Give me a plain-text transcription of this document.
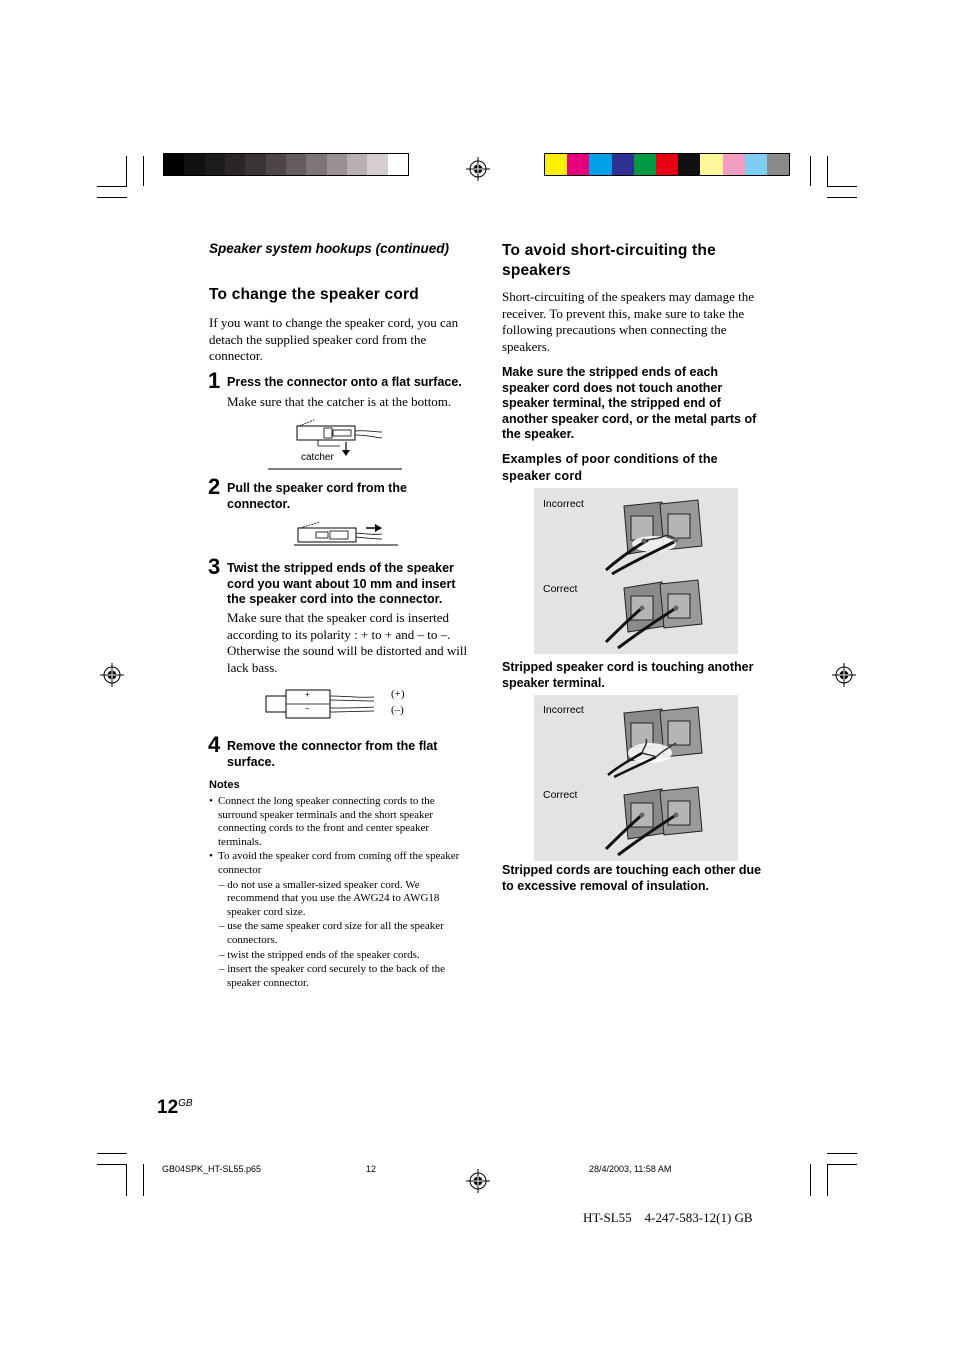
Speaker system hookups (continued)
To change the speaker cord
If you want to change the speaker cord, you can detach the supplied speaker cord from the connector.
1 Press the connector onto a flat surface.
Make sure that the catcher is at the bottom.
catcher
2 Pull the speaker cord from the connector.
3 Twist the stripped ends of the speaker cord you want about 10 mm and insert the speaker cord into the connector.
Make sure that the speaker cord is inserted according to its polarity : + to + and – to –. Otherwise the sound will be distorted and will lack bass.
+
–
(+)
(–)
4 Remove the connector from the flat surface.
Notes
• Connect the long speaker connecting cords to the surround speaker terminals and the short speaker connecting cords to the front and center speaker terminals.
• To avoid the speaker cord from coming off the speaker connector
– do not use a smaller-sized speaker cord. We recommend that you use the AWG24 to AWG18 speaker cord size.
– use the same speaker cord size for all the speaker connectors.
– twist the stripped ends of the speaker cords.
– insert the speaker cord securely to the back of the speaker connector.
To avoid short-circuiting the speakers
Short-circuiting of the speakers may damage the receiver. To prevent this, make sure to take the following precautions when connecting the speakers.
Make sure the stripped ends of each speaker cord does not touch another speaker terminal, the stripped end of another speaker cord, or the metal parts of the speaker.
Examples of poor conditions of the speaker cord
Incorrect
Correct
Stripped speaker cord is touching another speaker terminal.
Incorrect
Correct
Stripped cords are touching each other due to excessive removal of insulation.
$12^{GB}$
GB04SPK_HT-SL55.p65	12	28/4/2003, 11:58 AM
HT-SL55    4-247-583-12(1) GB
